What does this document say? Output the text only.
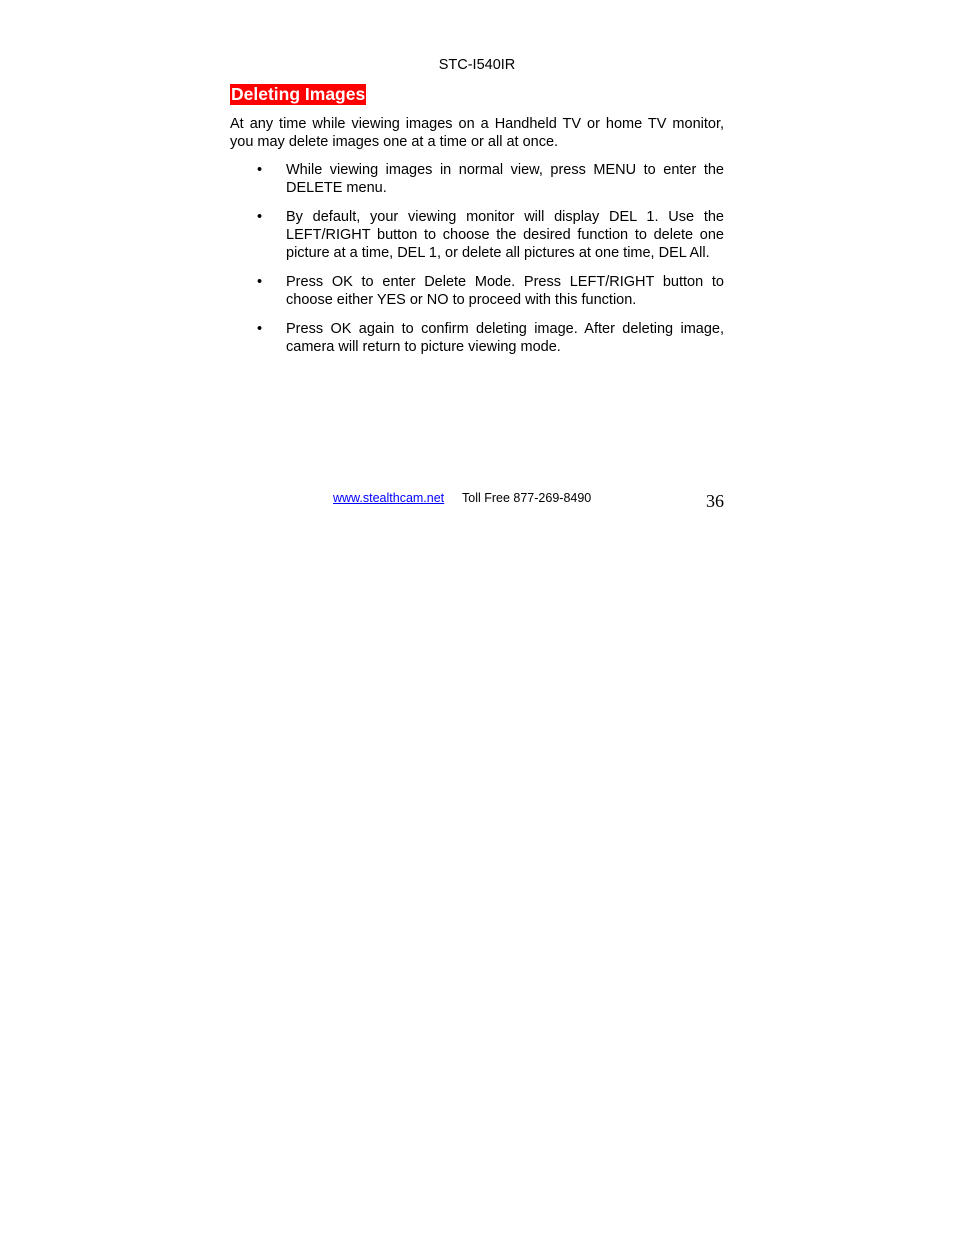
STC-I540IR
Deleting Images

At any time while viewing images on a Handheld TV or home TV monitor, you may delete images one at a time or all at once.

• While viewing images in normal view, press MENU to enter the DELETE menu.
• By default, your viewing monitor will display DEL 1. Use the LEFT/RIGHT button to choose the desired function to delete one picture at a time, DEL 1, or delete all pictures at one time, DEL All.
• Press OK to enter Delete Mode. Press LEFT/RIGHT button to choose either YES or NO to proceed with this function.
• Press OK again to confirm deleting image. After deleting image, camera will return to picture viewing mode.
www.stealthcam.net Toll Free 877-269-8490	36
